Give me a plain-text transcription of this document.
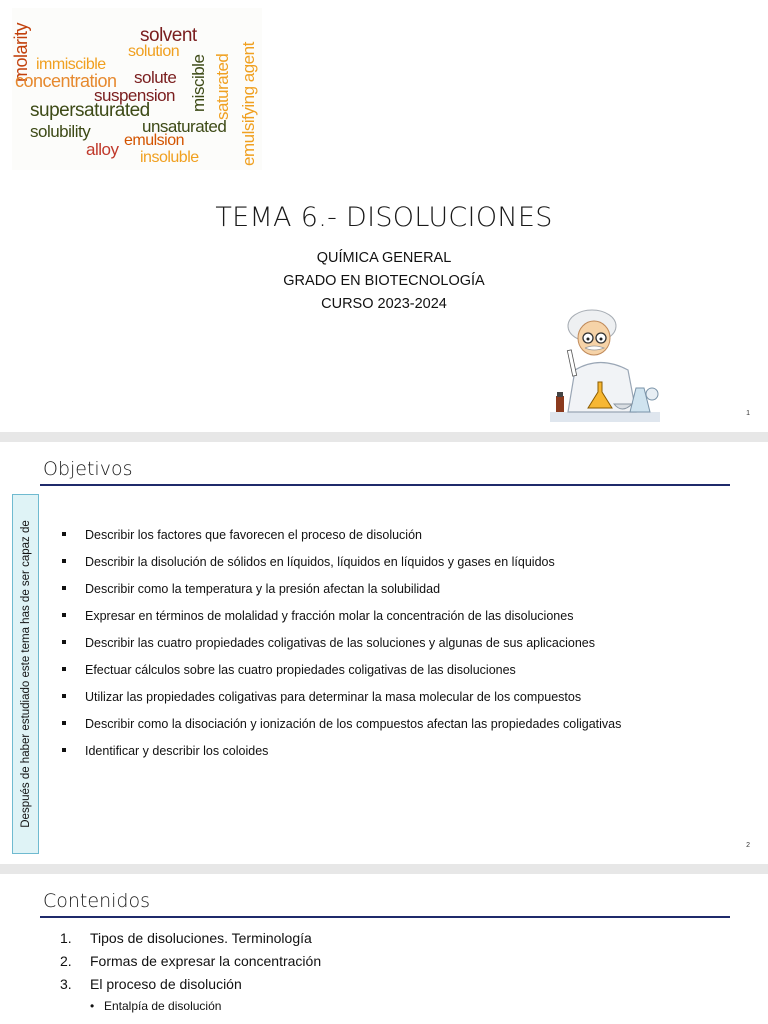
molarity	solvent
solution
immiscible
concentration solute miscible saturated emulsifying agent
suspension
supersaturated
unsaturated
solubility
alloy emulsion
insoluble
TEMA 6.- DISOLUCIONES
QUÍMICA GENERAL
GRADO EN BIOTECNOLOGÍA
CURSO 2023-2024
1
Objetivos
Después de haber estudiado este tema has de ser capaz de	Describir los factores que favorecen el proceso de disolución
Describir la disolución de sólidos en líquidos, líquidos en líquidos y gases en líquidos
Describir como la temperatura y la presión afectan la solubilidad
Expresar en términos de molalidad y fracción molar la concentración de las disoluciones
Describir las cuatro propiedades coligativas de las soluciones y algunas de sus aplicaciones
Efectuar cálculos sobre las cuatro propiedades coligativas de las disoluciones
Utilizar las propiedades coligativas para determinar la masa molecular de los compuestos
Describir como la disociación y ionización de los compuestos afectan las propiedades coligativas
Identificar y describir los coloides
2
Contenidos
1. Tipos de disoluciones. Terminología
2. Formas de expresar la concentración
3. El proceso de disolución
• Entalpía de disolución
